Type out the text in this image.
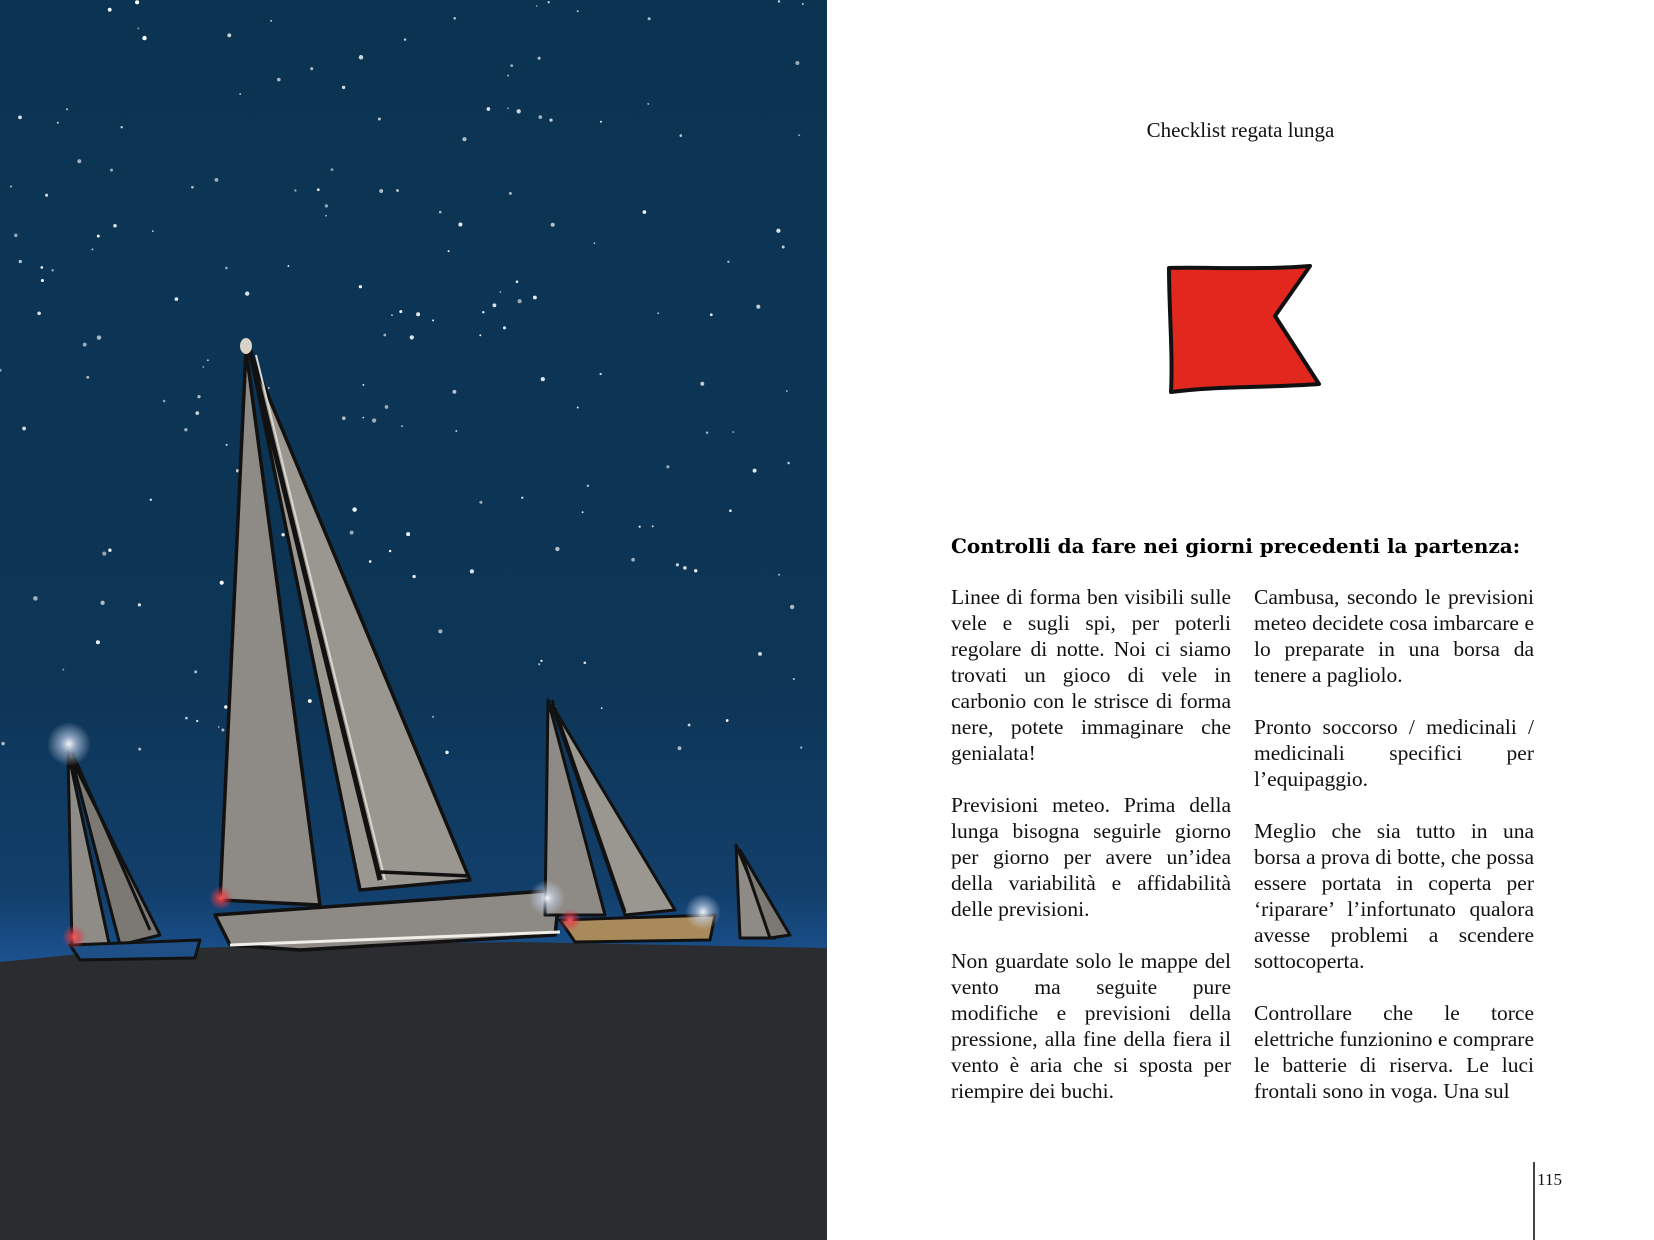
Checklist regata lunga
Controlli da fare nei giorni precedenti la partenza:

Linee di forma ben visibili sulle vele e sugli spi, per poterli regolare di notte. Noi ci siamo trovati un gioco di vele in carbonio con le strisce di forma nere, potete immaginare che genialata!

Previsioni meteo. Prima della lunga bisogna seguirle giorno per giorno per avere un’idea della variabilità e affidabilità delle previsioni.

Non guardate solo le mappe del vento ma seguite pure modifiche e previsioni della pressione, alla fine della fiera il vento è aria che si sposta per riempire dei buchi.

Cambusa, secondo le previsioni meteo decidete cosa imbarcare e lo preparate in una borsa da tenere a pagliolo.

Pronto soccorso / medicinali / medicinali specifici per l’equipaggio.

Meglio che sia tutto in una borsa a prova di botte, che possa essere portata in coperta per ‘riparare’ l’infortunato qualora avesse problemi a scendere sottocoperta.

Controllare che le torce elettriche funzionino e comprare le batterie di riserva. Le luci frontali sono in voga. Una sul

115
